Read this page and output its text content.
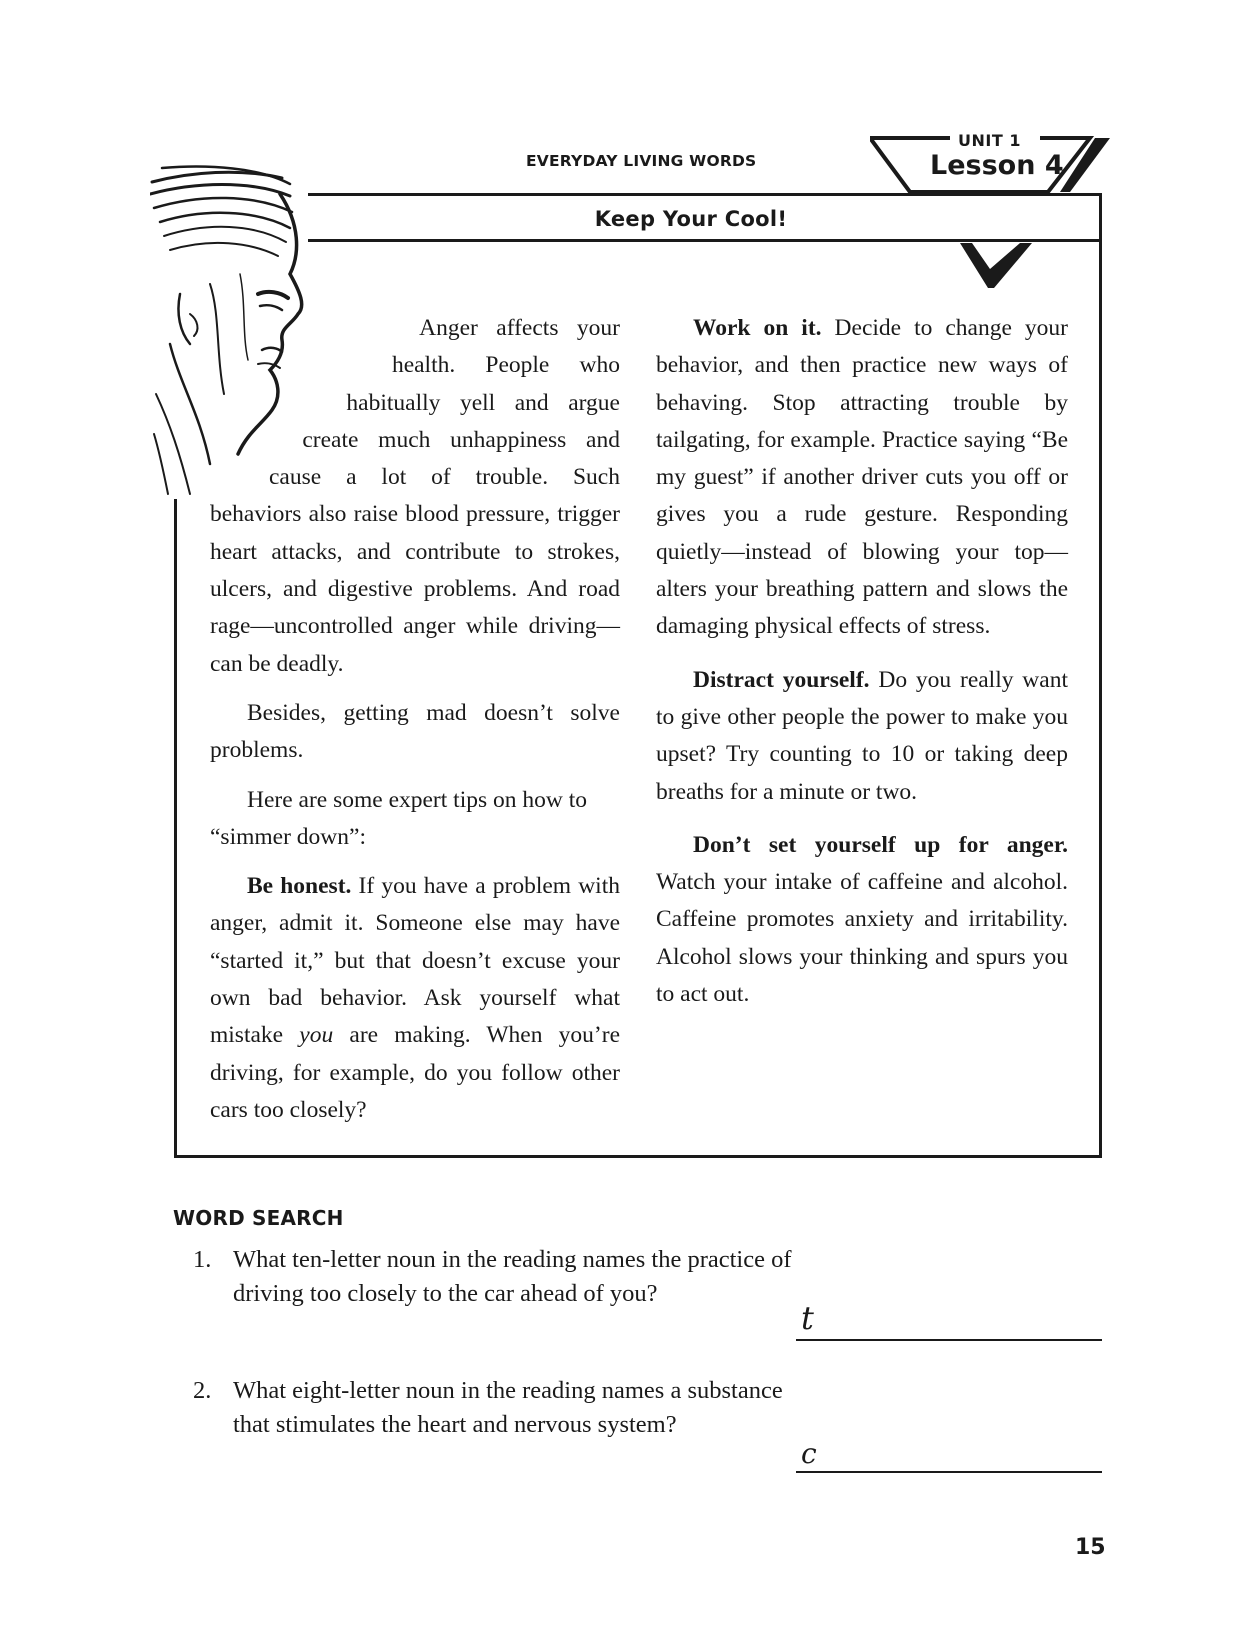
EVERYDAY LIVING WORDS
UNIT 1
Lesson 4
Keep Your Cool!

Anger affects your health. People who habitually yell and argue create much unhappiness and cause a lot of trouble. Such behaviors also raise blood pressure, trigger heart attacks, and contribute to strokes, ulcers, and digestive problems. And road rage—uncontrolled anger while driving—can be deadly.

Besides, getting mad doesn’t solve problems.

Here are some expert tips on how to “simmer down”:

Be honest. If you have a problem with anger, admit it. Someone else may have “started it,” but that doesn’t excuse your own bad behavior. Ask yourself what mistake you are making. When you’re driving, for example, do you follow other cars too closely?

Work on it. Decide to change your behavior, and then practice new ways of behaving. Stop attracting trouble by tailgating, for example. Practice saying “Be my guest” if another driver cuts you off or gives you a rude gesture. Responding quietly—instead of blowing your top—alters your breathing pattern and slows the damaging physical effects of stress.

Distract yourself. Do you really want to give other people the power to make you upset? Try counting to 10 or taking deep breaths for a minute or two.

Don’t set yourself up for anger. Watch your intake of caffeine and alcohol. Caffeine promotes anxiety and irritability. Alcohol slows your thinking and spurs you to act out.

WORD SEARCH
1. What ten-letter noun in the reading names the practice of driving too closely to the car ahead of you?
t
2. What eight-letter noun in the reading names a substance that stimulates the heart and nervous system?
c
15
